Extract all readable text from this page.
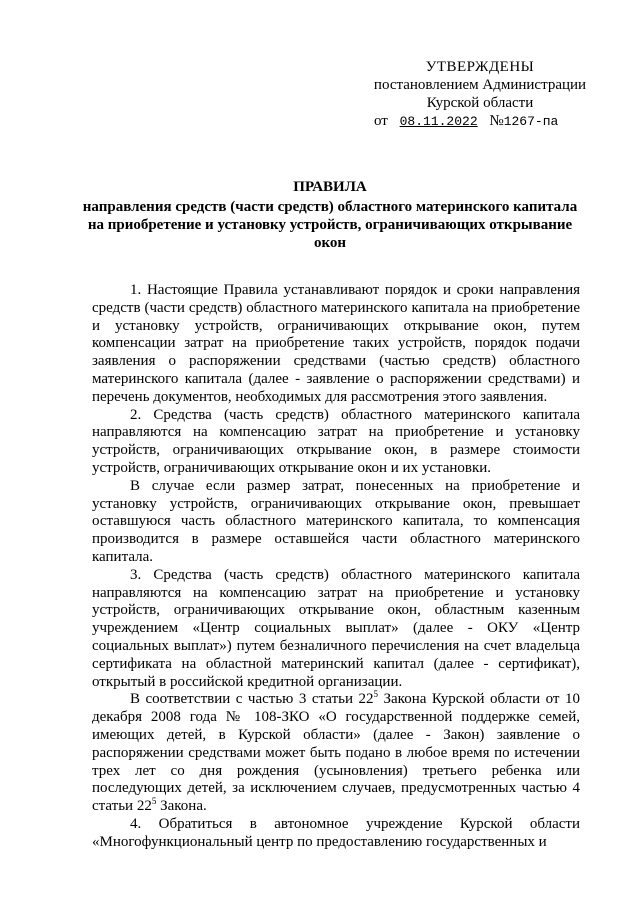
УТВЕРЖДЕНЫ
постановлением Администрации
Курской области
от 08.11.2022 №1267-па
ПРАВИЛА
направления средств (части средств) областного материнского капитала на приобретение и установку устройств, ограничивающих открывание окон

1. Настоящие Правила устанавливают порядок и сроки направления средств (части средств) областного материнского капитала на приобретение и установку устройств, ограничивающих открывание окон, путем компенсации затрат на приобретение таких устройств, порядок подачи заявления о распоряжении средствами (частью средств) областного материнского капитала (далее - заявление о распоряжении средствами) и перечень документов, необходимых для рассмотрения этого заявления.

2. Средства (часть средств) областного материнского капитала направляются на компенсацию затрат на приобретение и установку устройств, ограничивающих открывание окон, в размере стоимости устройств, ограничивающих открывание окон и их установки.

В случае если размер затрат, понесенных на приобретение и установку устройств, ограничивающих открывание окон, превышает оставшуюся часть областного материнского капитала, то компенсация производится в размере оставшейся части областного материнского капитала.

3. Средства (часть средств) областного материнского капитала направляются на компенсацию затрат на приобретение и установку устройств, ограничивающих открывание окон, областным казенным учреждением «Центр социальных выплат» (далее - ОКУ «Центр социальных выплат») путем безналичного перечисления на счет владельца сертификата на областной материнский капитал (далее - сертификат), открытый в российской кредитной организации.

В соответствии с частью 3 статьи $22^5$ Закона Курской области от 10 декабря 2008 года № 108-ЗКО «О государственной поддержке семей, имеющих детей, в Курской области» (далее - Закон) заявление о распоряжении средствами может быть подано в любое время по истечении трех лет со дня рождения (усыновления) третьего ребенка или последующих детей, за исключением случаев, предусмотренных частью 4 статьи $22^5$ Закона.

4. Обратиться в автономное учреждение Курской области «Многофункциональный центр по предоставлению государственных и
